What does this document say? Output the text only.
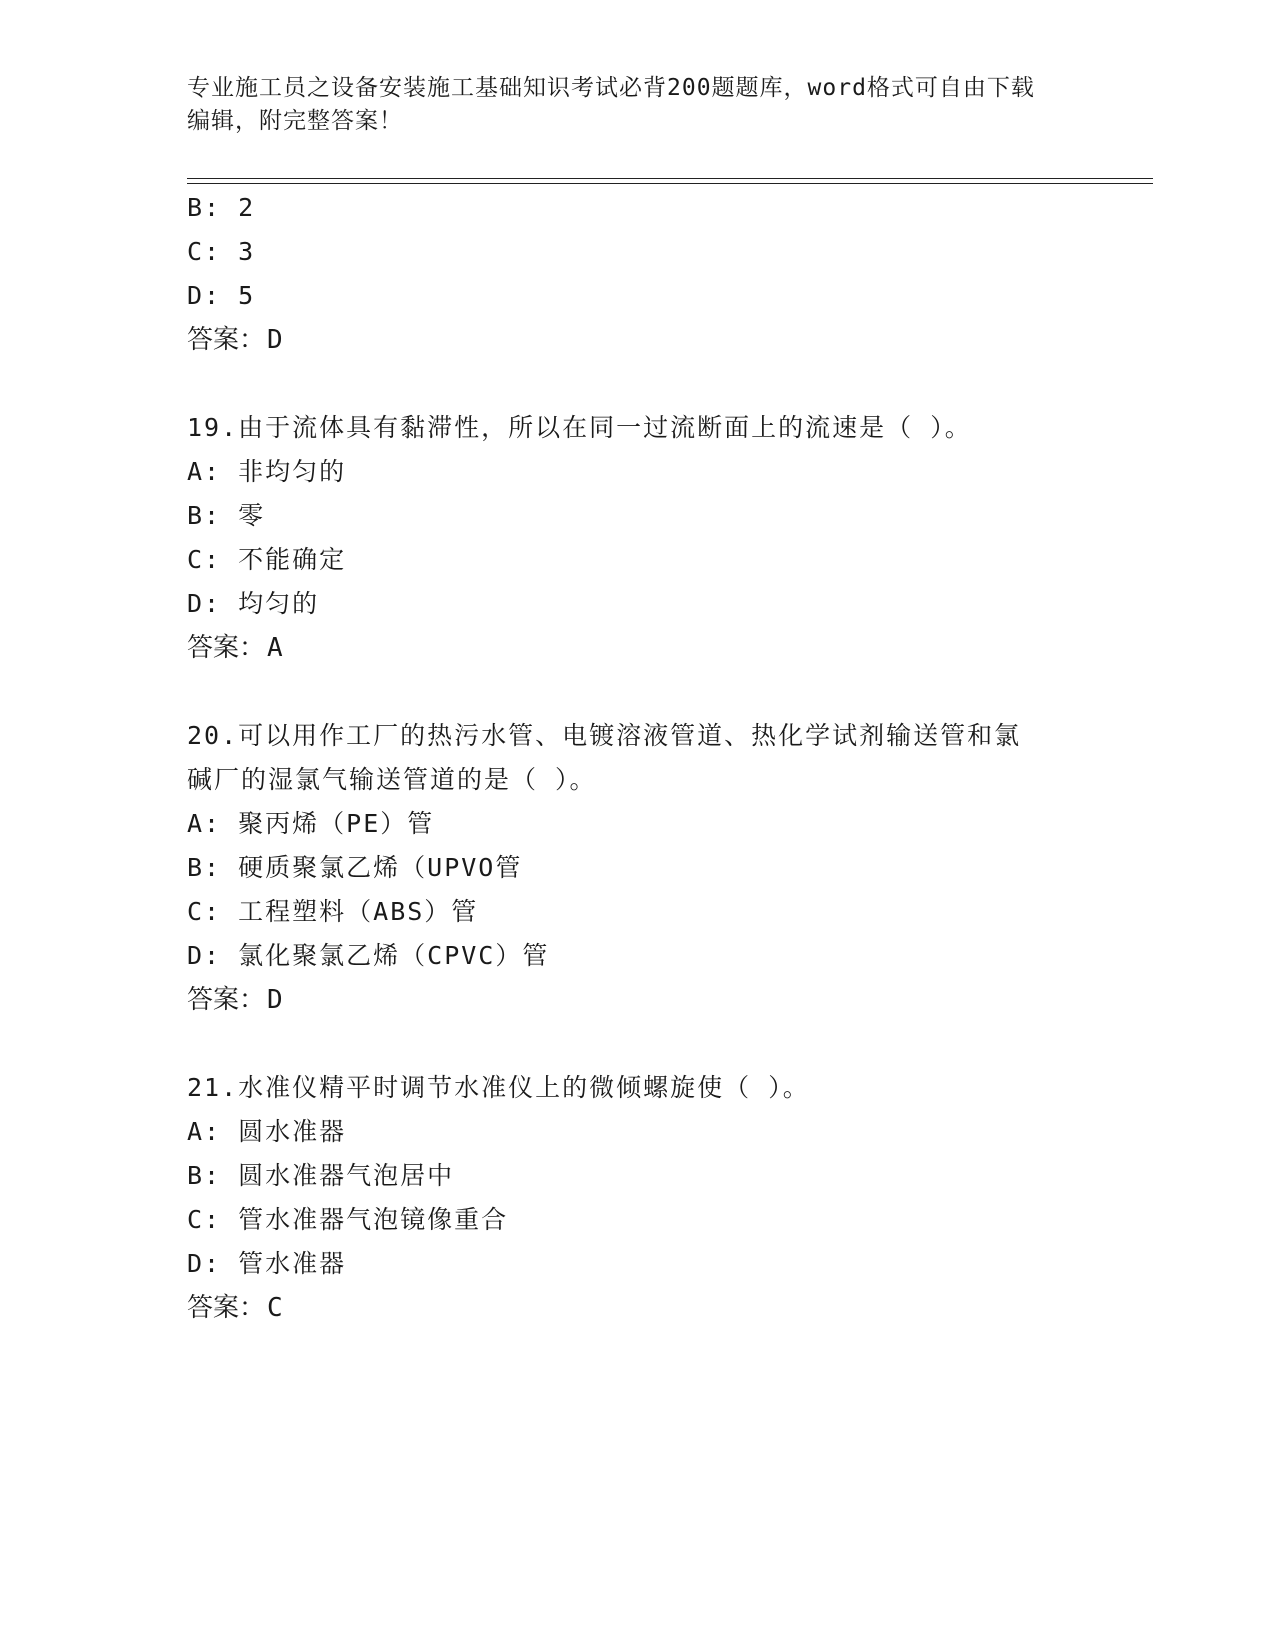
专业施工员之设备安装施工基础知识考试必背200题题库，word格式可自由下载
编辑，附完整答案！
B: 2
C: 3
D: 5
答案：D
19.由于流体具有黏滞性，所以在同一过流断面上的流速是（ ）。
A: 非均匀的
B: 零
C: 不能确定
D: 均匀的
答案：A
20.可以用作工厂的热污水管、电镀溶液管道、热化学试剂输送管和氯
碱厂的湿氯气输送管道的是（ ）。
A: 聚丙烯（PE）管
B: 硬质聚氯乙烯（UPVO管
C: 工程塑料（ABS）管
D: 氯化聚氯乙烯（CPVC）管
答案：D
21.水准仪精平时调节水准仪上的微倾螺旋使（ ）。
A: 圆水准器
B: 圆水准器气泡居中
C: 管水准器气泡镜像重合
D: 管水准器
答案：C
